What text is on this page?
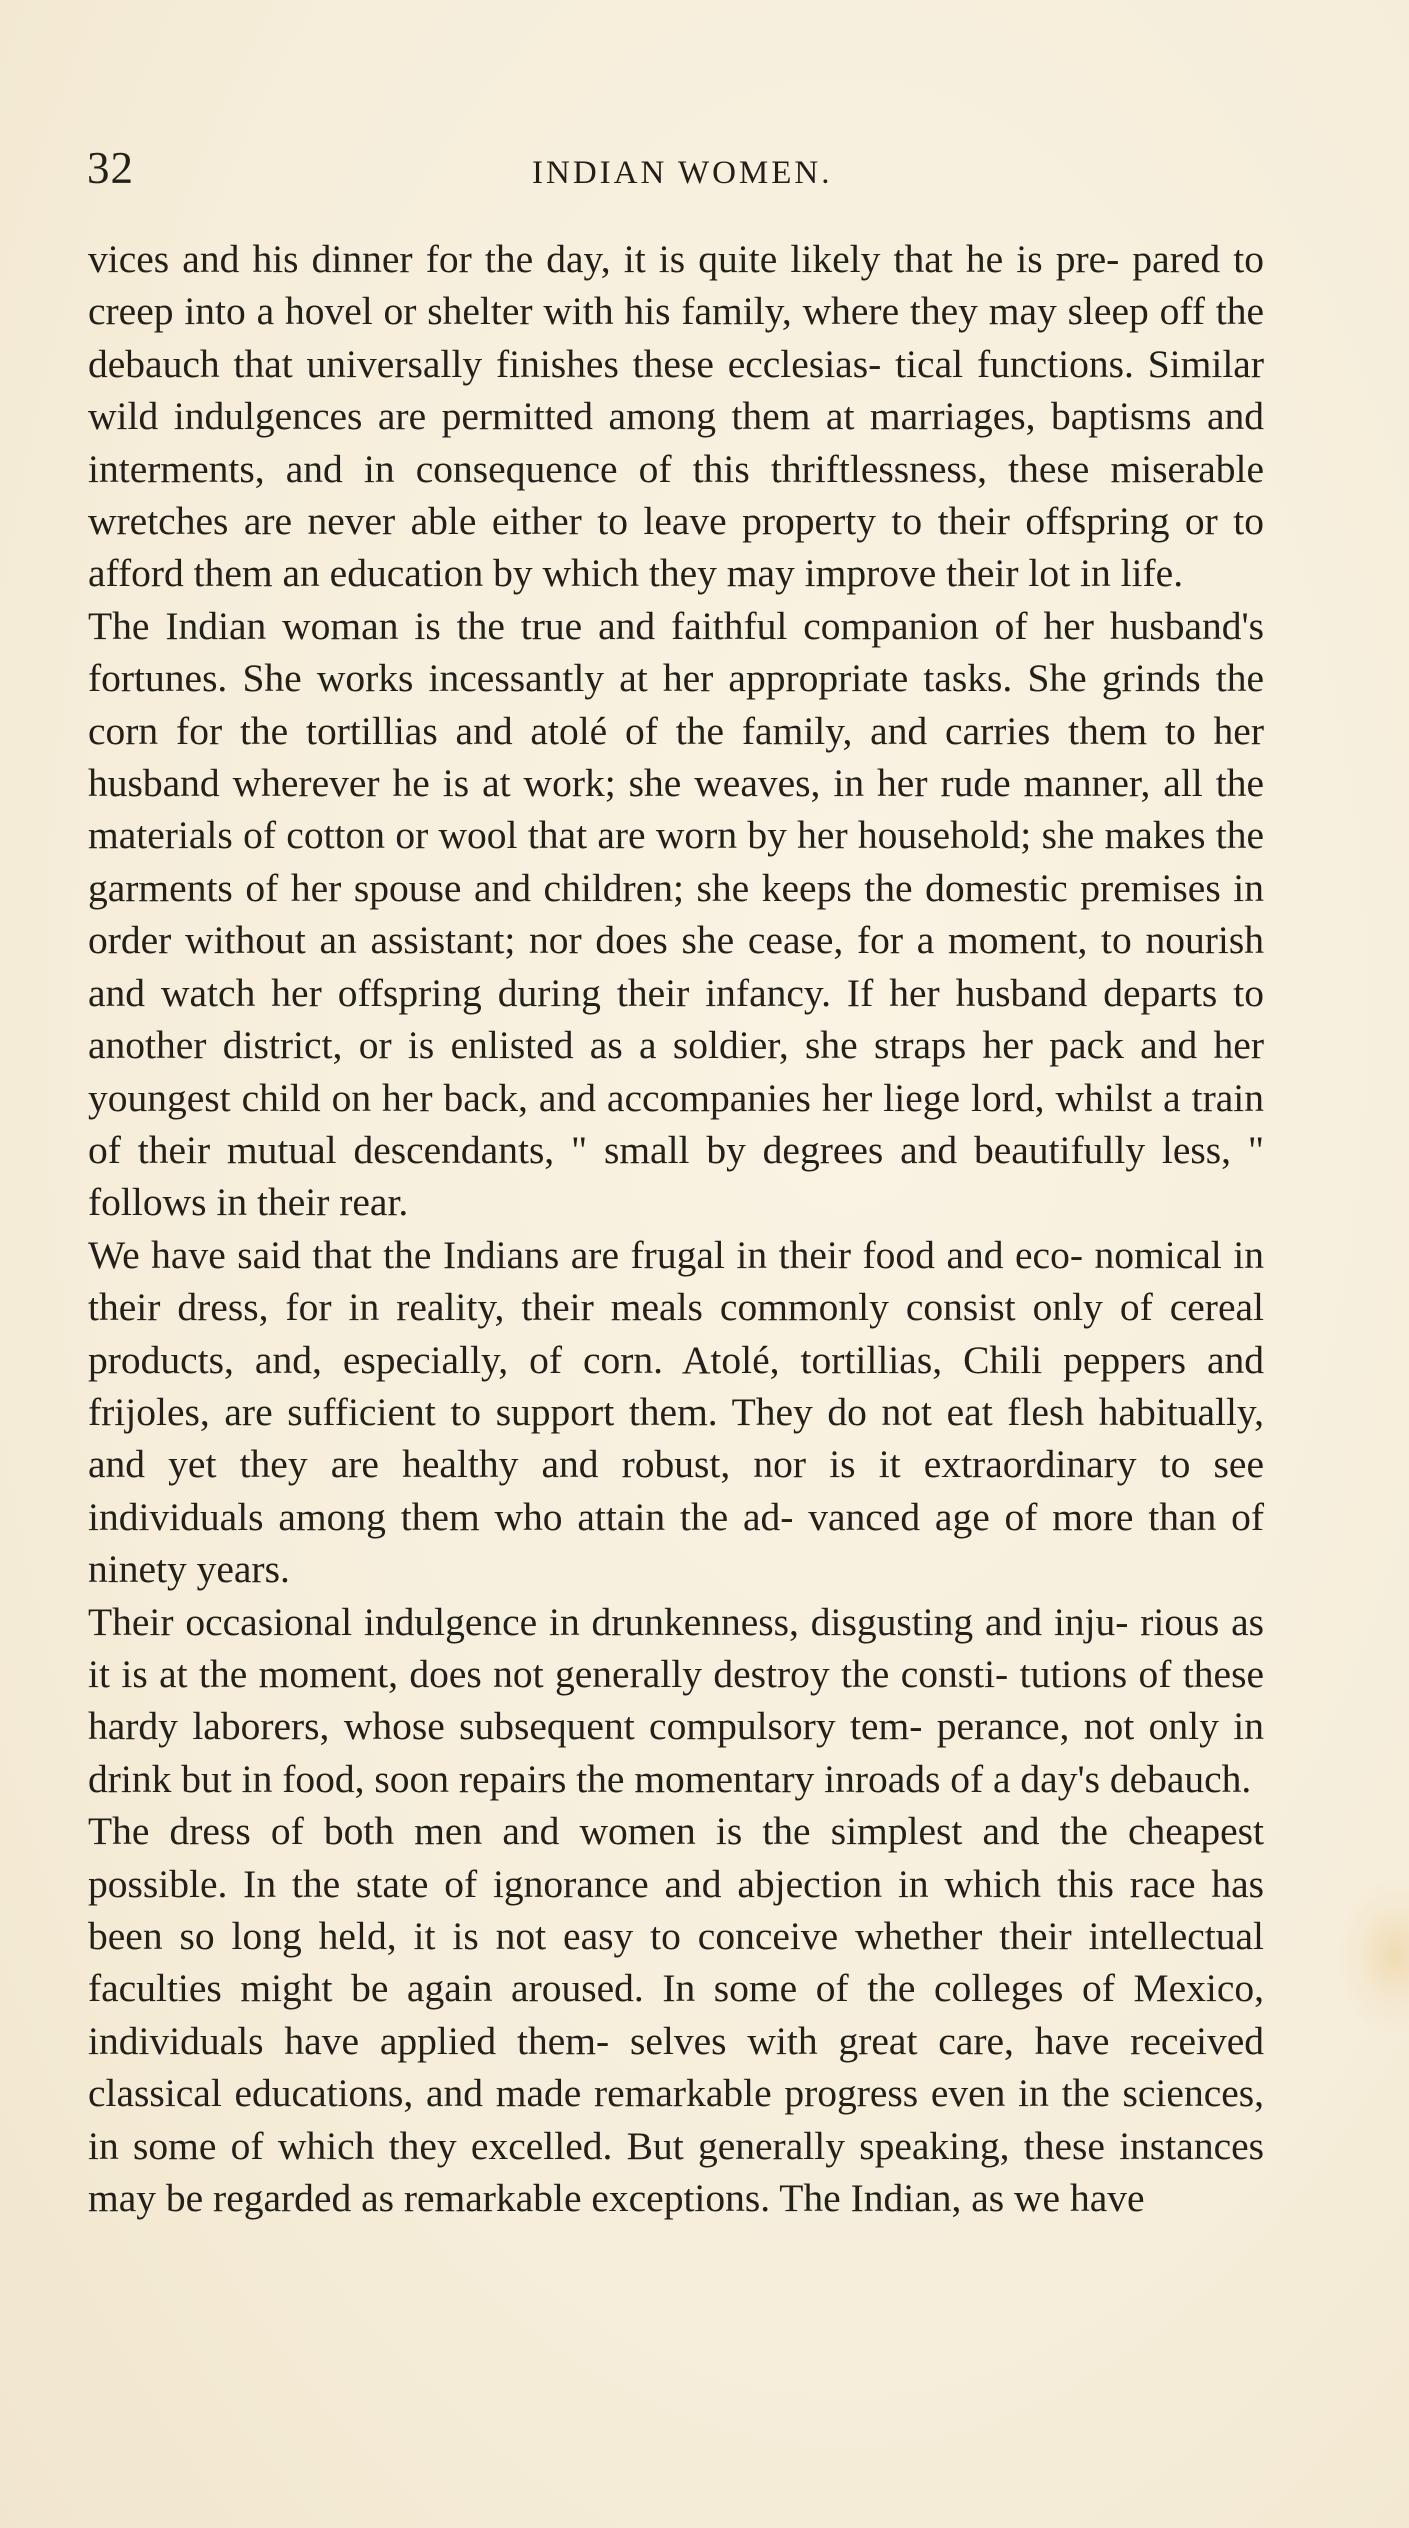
32	INDIAN WOMEN.

vices and his dinner for the day, it is quite likely that he is pre- pared to creep into a hovel or shelter with his family, where they may sleep off the debauch that universally finishes these ecclesias- tical functions. Similar wild indulgences are permitted among them at marriages, baptisms and interments, and in consequence of this thriftlessness, these miserable wretches are never able either to leave property to their offspring or to afford them an education by which they may improve their lot in life.

The Indian woman is the true and faithful companion of her husband's fortunes. She works incessantly at her appropriate tasks. She grinds the corn for the tortillias and atolé of the family, and carries them to her husband wherever he is at work; she weaves, in her rude manner, all the materials of cotton or wool that are worn by her household; she makes the garments of her spouse and children; she keeps the domestic premises in order without an assistant; nor does she cease, for a moment, to nourish and watch her offspring during their infancy. If her husband departs to another district, or is enlisted as a soldier, she straps her pack and her youngest child on her back, and accompanies her liege lord, whilst a train of their mutual descendants, " small by degrees and beautifully less, " follows in their rear.

We have said that the Indians are frugal in their food and eco- nomical in their dress, for in reality, their meals commonly consist only of cereal products, and, especially, of corn. Atolé, tortillias, Chili peppers and frijoles, are sufficient to support them. They do not eat flesh habitually, and yet they are healthy and robust, nor is it extraordinary to see individuals among them who attain the ad- vanced age of more than of ninety years.

Their occasional indulgence in drunkenness, disgusting and inju- rious as it is at the moment, does not generally destroy the consti- tutions of these hardy laborers, whose subsequent compulsory tem- perance, not only in drink but in food, soon repairs the momentary inroads of a day's debauch.

The dress of both men and women is the simplest and the cheapest possible. In the state of ignorance and abjection in which this race has been so long held, it is not easy to conceive whether their intellectual faculties might be again aroused. In some of the colleges of Mexico, individuals have applied them- selves with great care, have received classical educations, and made remarkable progress even in the sciences, in some of which they excelled. But generally speaking, these instances may be regarded as remarkable exceptions. The Indian, as we have
